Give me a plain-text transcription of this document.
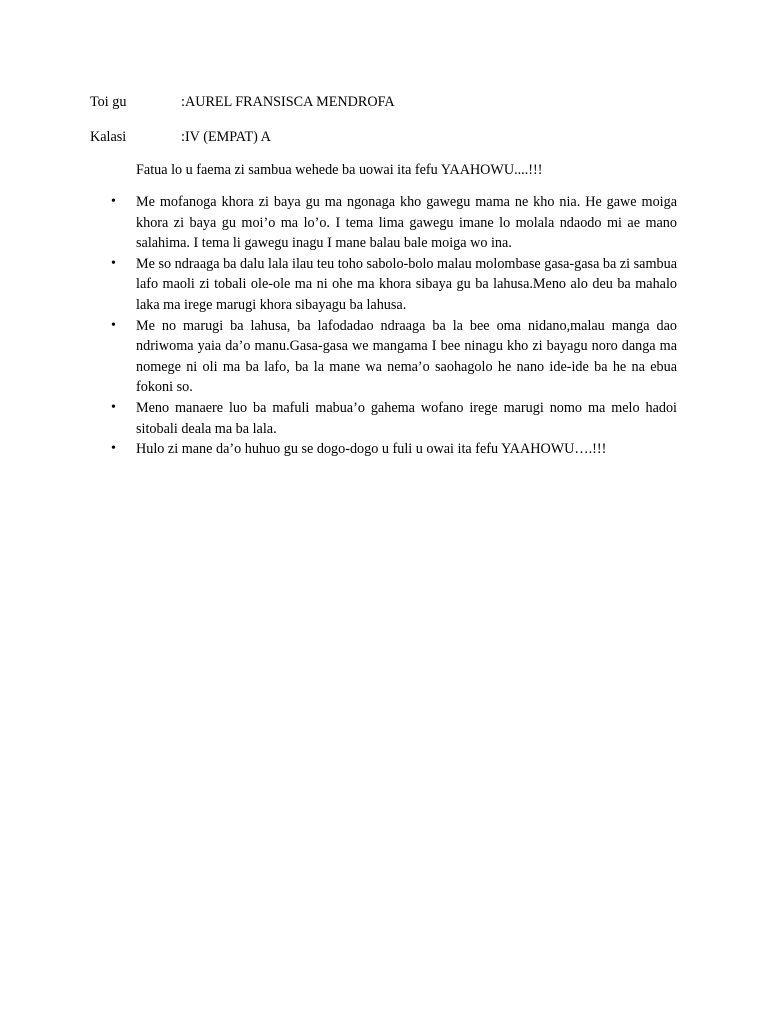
Toi gu	: AUREL FRANSISCA MENDROFA
Kalasi	: IV (EMPAT) A
Fatua lo u faema zi sambua wehede ba uowai ita fefu YAAHOWU....!!!
•	Me mofanoga khora zi baya gu ma ngonaga kho gawegu mama ne kho nia. He gawe moiga khora zi baya gu moi’o ma lo’o. I tema lima gawegu imane lo molala ndaodo mi ae mano salahima. I tema li gawegu inagu I mane balau bale moiga wo ina.
•	Me so ndraaga ba dalu lala ilau teu toho sabolo-bolo malau molombase gasa-gasa ba zi sambua lafo maoli zi tobali ole-ole ma ni ohe ma khora sibaya gu ba lahusa.Meno alo deu ba mahalo laka ma irege marugi khora sibayagu ba lahusa.
•	Me no marugi ba lahusa, ba lafodadao ndraaga ba la bee oma nidano,malau manga dao ndriwoma yaia da’o manu.Gasa-gasa we mangama I bee ninagu kho zi bayagu noro danga ma nomege ni oli ma ba lafo, ba la mane wa nema’o saohagolo he nano ide-ide ba he na ebua fokoni so.
•	Meno manaere luo ba mafuli mabua’o gahema wofano irege marugi nomo ma melo hadoi sitobali deala ma ba lala.
•	Hulo zi mane da’o huhuo gu se dogo-dogo u fuli u owai ita fefu YAAHOWU….!!!
